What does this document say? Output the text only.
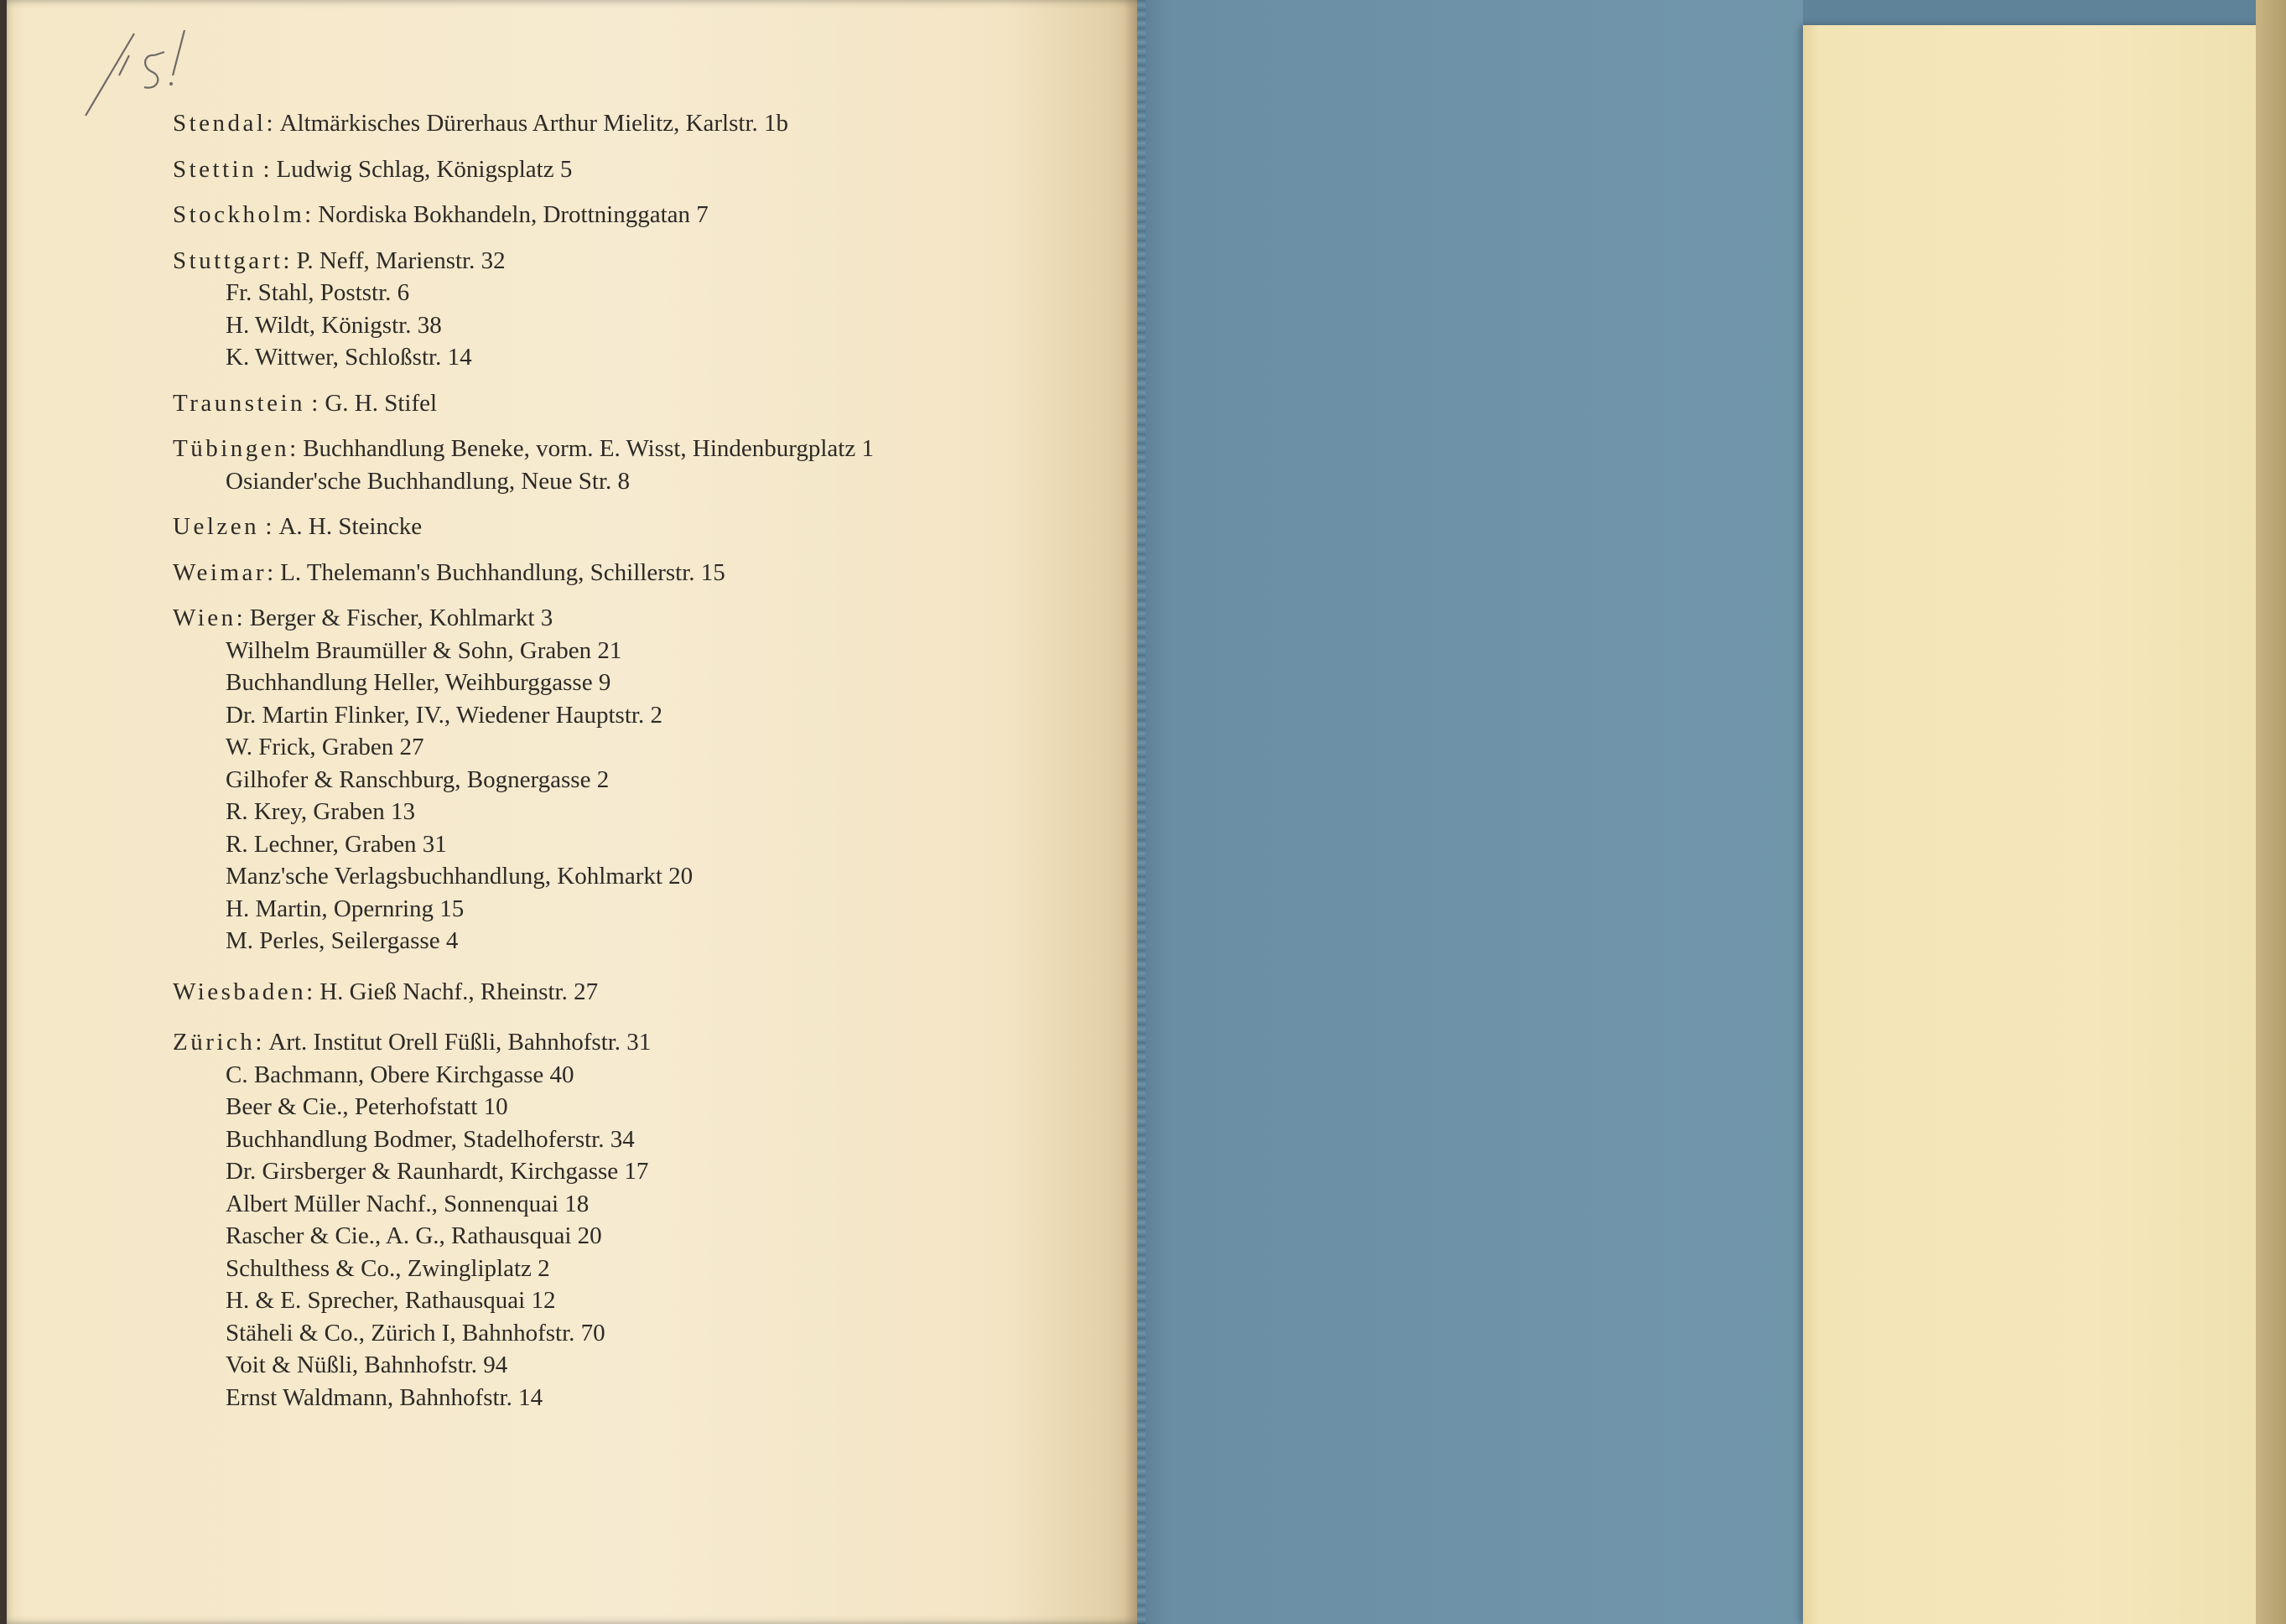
Stendal: Altmärkisches Dürerhaus Arthur Mielitz, Karlstr. 1b
Stettin : Ludwig Schlag, Königsplatz 5
Stockholm: Nordiska Bokhandeln, Drottninggatan 7
Stuttgart: P. Neff, Marienstr. 32
Fr. Stahl, Poststr. 6
H. Wildt, Königstr. 38
K. Wittwer, Schloßstr. 14
Traunstein : G. H. Stifel
Tübingen: Buchhandlung Beneke, vorm. E. Wisst, Hindenburgplatz 1
Osiander'sche Buchhandlung, Neue Str. 8
Uelzen : A. H. Steincke
Weimar: L. Thelemann's Buchhandlung, Schillerstr. 15
Wien: Berger & Fischer, Kohlmarkt 3
Wilhelm Braumüller & Sohn, Graben 21
Buchhandlung Heller, Weihburggasse 9
Dr. Martin Flinker, IV., Wiedener Hauptstr. 2
W. Frick, Graben 27
Gilhofer & Ranschburg, Bognergasse 2
R. Krey, Graben 13
R. Lechner, Graben 31
Manz'sche Verlagsbuchhandlung, Kohlmarkt 20
H. Martin, Opernring 15
M. Perles, Seilergasse 4
Wiesbaden: H. Gieß Nachf., Rheinstr. 27
Zürich: Art. Institut Orell Füßli, Bahnhofstr. 31
C. Bachmann, Obere Kirchgasse 40
Beer & Cie., Peterhofstatt 10
Buchhandlung Bodmer, Stadelhoferstr. 34
Dr. Girsberger & Raunhardt, Kirchgasse 17
Albert Müller Nachf., Sonnenquai 18
Rascher & Cie., A. G., Rathausquai 20
Schulthess & Co., Zwingliplatz 2
H. & E. Sprecher, Rathausquai 12
Stäheli & Co., Zürich I, Bahnhofstr. 70
Voit & Nüßli, Bahnhofstr. 94
Ernst Waldmann, Bahnhofstr. 14
